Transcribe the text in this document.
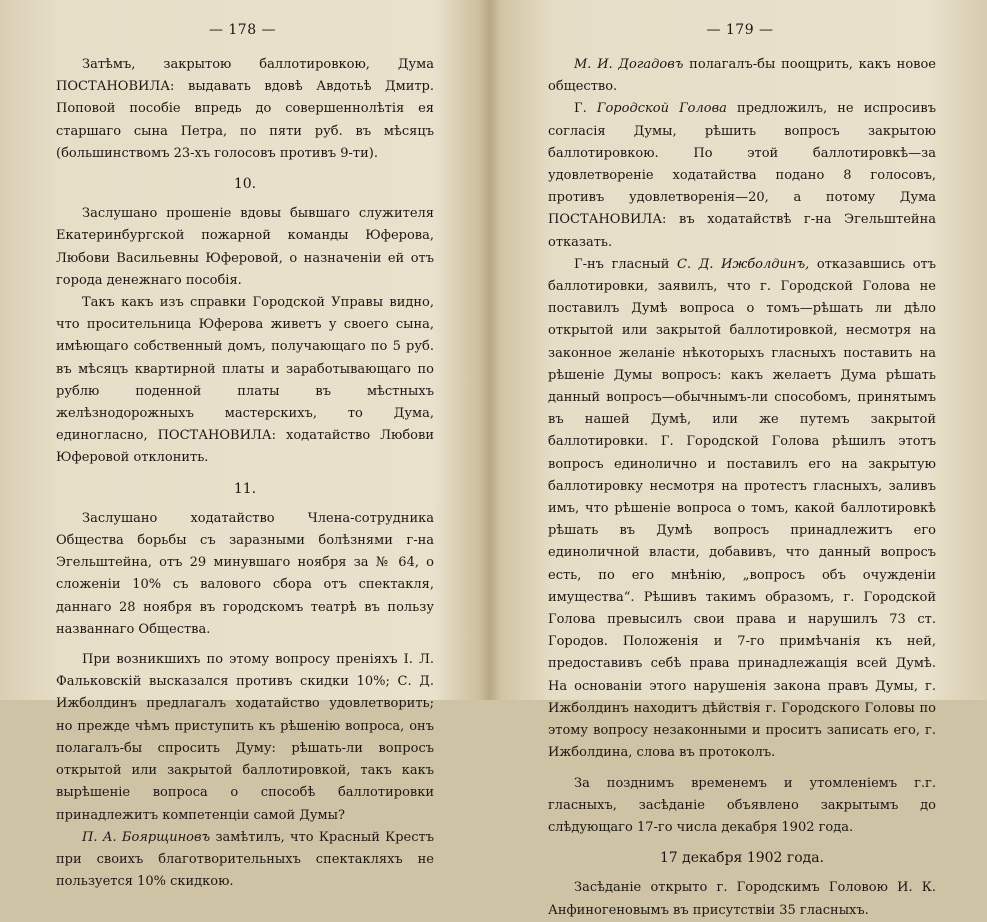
— 178 —

Затѣмъ, закрытою баллотировкою, Дума ПОСТАНОВИЛА: выдавать вдовѣ Авдотьѣ Дмитр. Поповой пособіе впредь до совершеннолѣтія ея старшаго сына Петра, по пяти руб. въ мѣсяцъ (большинствомъ 23-хъ голосовъ противъ 9-ти).

10.

Заслушано прошеніе вдовы бывшаго служителя Екатеринбургской пожарной команды Юферова, Любови Васильевны Юферовой, о назначеніи ей отъ города денежнаго пособія.

Такъ какъ изъ справки Городской Управы видно, что просительница Юферова живетъ у своего сына, имѣющаго собственный домъ, получающаго по 5 руб. въ мѣсяцъ квартирной платы и заработывающаго по рублю поденной платы въ мѣстныхъ желѣзнодорожныхъ мастерскихъ, то Дума, единогласно, ПОСТАНОВИЛА: ходатайство Любови Юферовой отклонить.

11.

Заслушано ходатайство Члена-сотрудника Общества борьбы съ заразными болѣзнями г-на Эгельштейна, отъ 29 минувшаго ноября за № 64, о сложеніи 10% съ валового сбора отъ спектакля, даннаго 28 ноября въ городскомъ театрѣ въ пользу названнаго Общества.

При возникшихъ по этому вопросу преніяхъ І. Л. Фальковскій высказался противъ скидки 10%; С. Д. Ижболдинъ предлагалъ ходатайство удовлетворить; но прежде чѣмъ приступить къ рѣшенію вопроса, онъ полагалъ-бы спросить Думу: рѣшать-ли вопросъ открытой или закрытой баллотировкой, такъ какъ вырѣшеніе вопроса о способѣ баллотировки принадлежитъ компетенціи самой Думы?

П. А. Боярщиновъ замѣтилъ, что Красный Крестъ при своихъ благотворительныхъ спектакляхъ не пользуется 10% скидкою.

— 179 —

М. И. Догадовъ полагалъ-бы поощрить, какъ новое общество.

Г. Городской Голова предложилъ, не испросивъ согласія Думы, рѣшить вопросъ закрытою баллотировкою. По этой баллотировкѣ—за удовлетвореніе ходатайства подано 8 голосовъ, противъ удовлетворенія—20, а потому Дума ПОСТАНОВИЛА: въ ходатайствѣ г-на Эгельштейна отказать.

Г-нъ гласный С. Д. Ижболдинъ, отказавшись отъ баллотировки, заявилъ, что г. Городской Голова не поставилъ Думѣ вопроса о томъ—рѣшать ли дѣло открытой или закрытой баллотировкой, несмотря на законное желаніе нѣкоторыхъ гласныхъ поставить на рѣшеніе Думы вопросъ: какъ желаетъ Дума рѣшать данный вопросъ—обычнымъ-ли способомъ, принятымъ въ нашей Думѣ, или же путемъ закрытой баллотировки. Г. Городской Голова рѣшилъ этотъ вопросъ единолично и поставилъ его на закрытую баллотировку несмотря на протестъ гласныхъ, заливъ имъ, что рѣшеніе вопроса о томъ, какой баллотировкѣ рѣшать въ Думѣ вопросъ принадлежитъ его единоличной власти, добавивъ, что данный вопросъ есть, по его мнѣнію, „вопросъ объ очужденіи имущества“. Рѣшивъ такимъ образомъ, г. Городской Голова превысилъ свои права и нарушилъ 73 ст. Городов. Положенія и 7-го примѣчанія къ ней, предоставивъ себѣ права принадлежащія всей Думѣ. На основаніи этого нарушенія закона правъ Думы, г. Ижболдинъ находитъ дѣйствія г. Городского Головы по этому вопросу незаконными и проситъ записать его, г. Ижболдина, слова въ протоколъ.

За позднимъ временемъ и утомленіемъ г.г. гласныхъ, засѣданіе объявлено закрытымъ до слѣдующаго 17-го числа декабря 1902 года.

17 декабря 1902 года.

Засѣданіе открыто г. Городскимъ Головою И. К. Анфиногеновымъ въ присутствіи 35 гласныхъ.
